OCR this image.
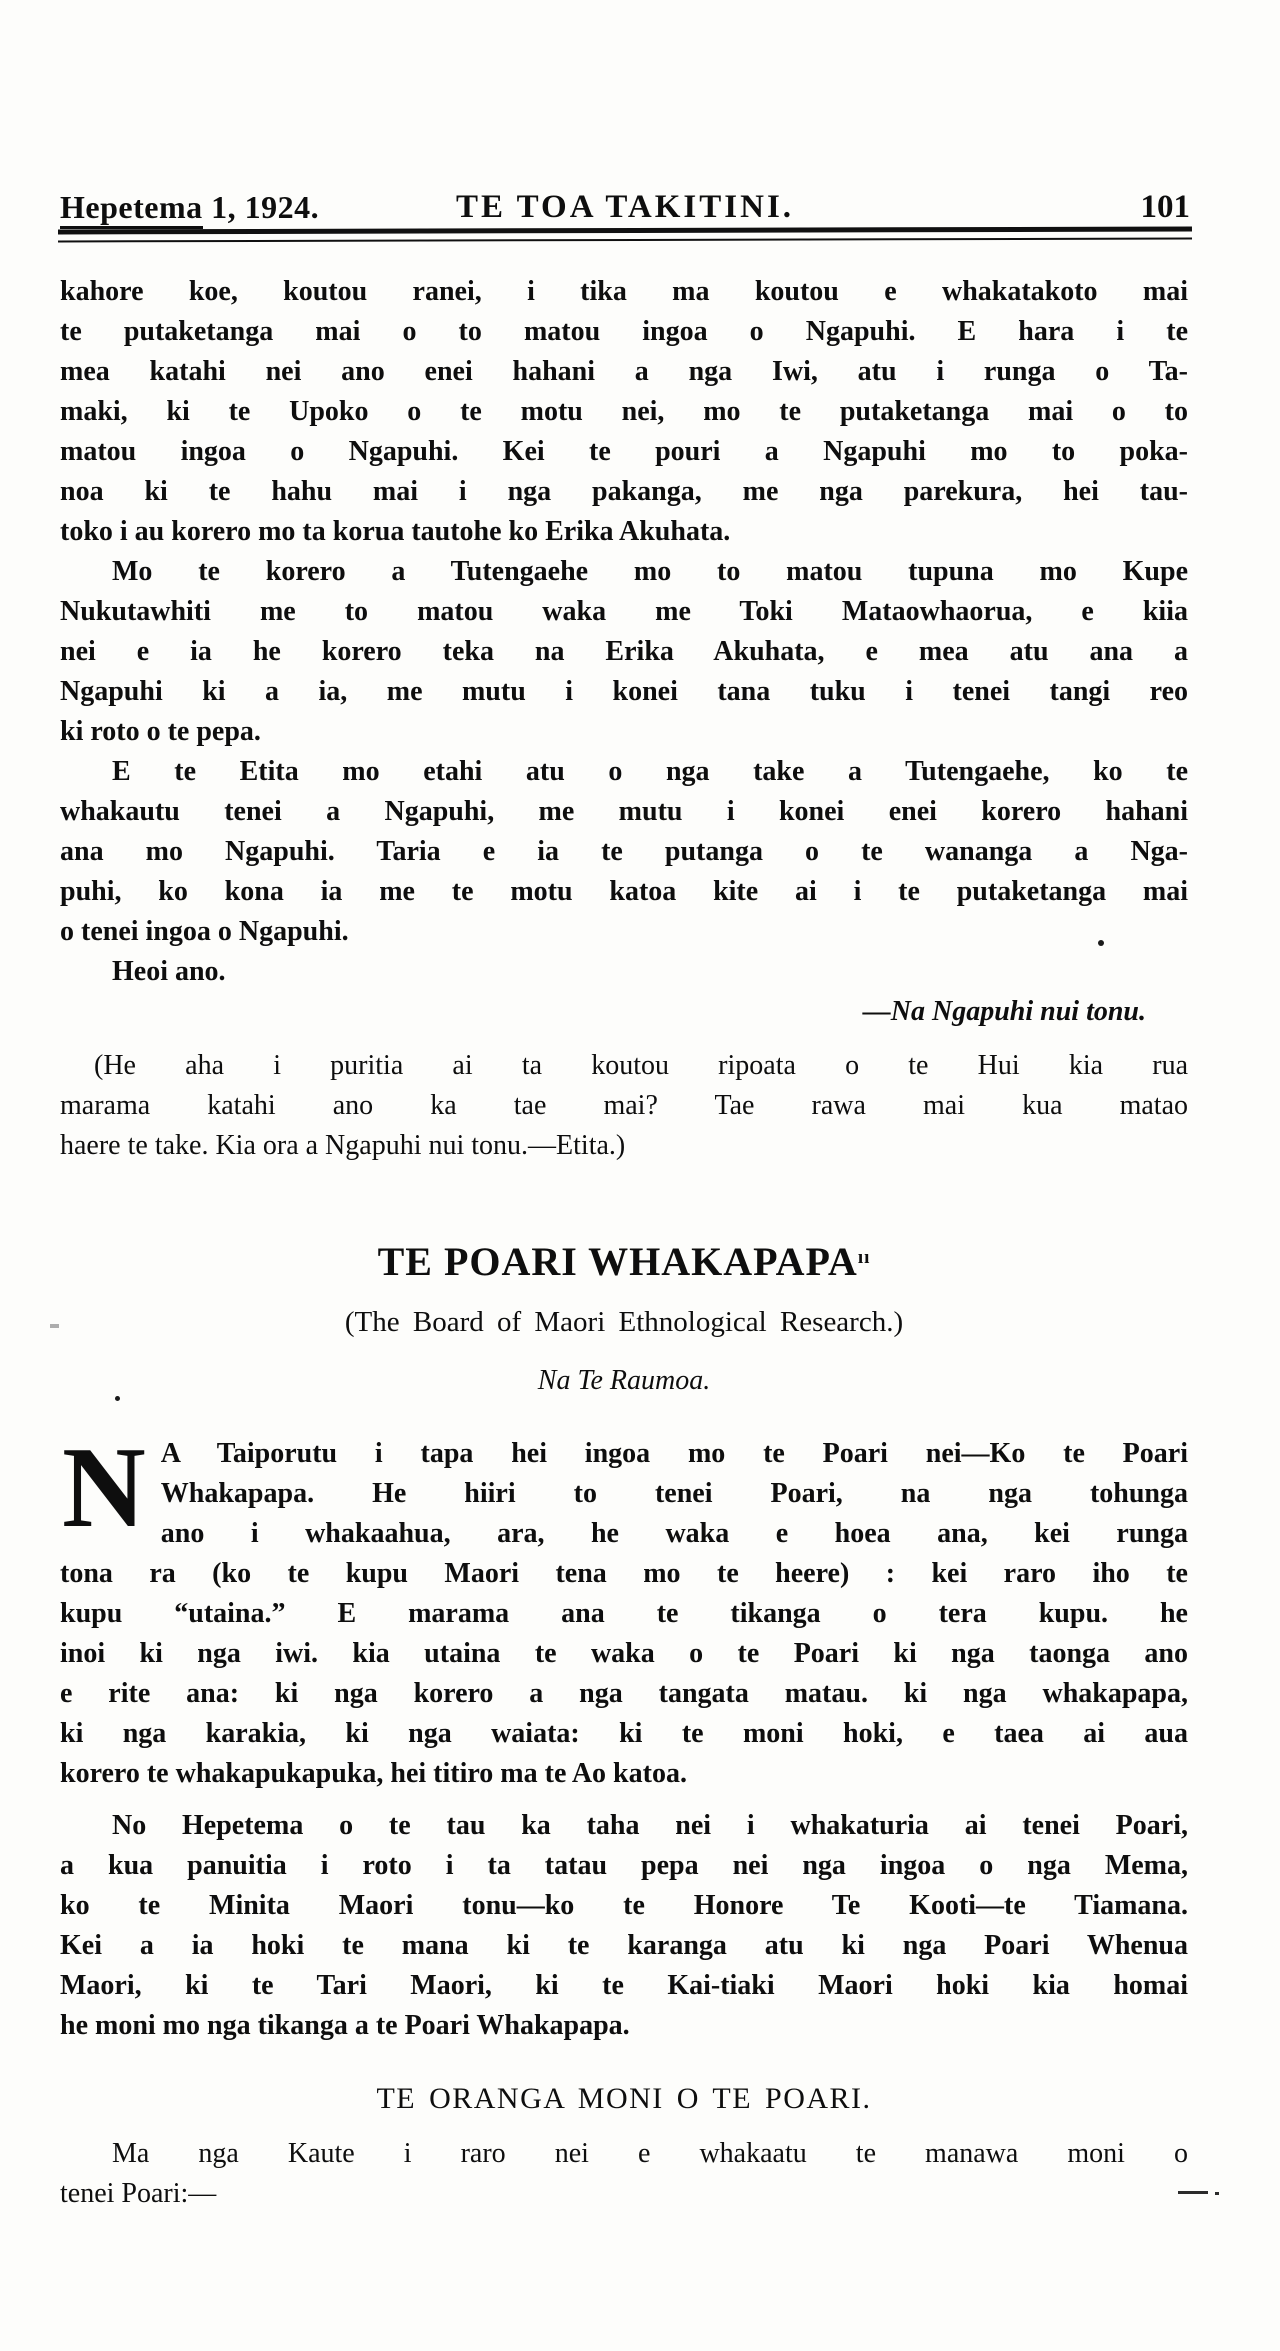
Hepetema 1, 1924.	TE TOA TAKITINI.	101
kahore koe, koutou ranei, i tika ma koutou e whakatakoto mai
te putaketanga mai o to matou ingoa o Ngapuhi. E hara i te
mea katahi nei ano enei hahani a nga Iwi, atu i runga o Ta-
maki, ki te Upoko o te motu nei, mo te putaketanga mai o to
matou ingoa o Ngapuhi. Kei te pouri a Ngapuhi mo to poka-
noa ki te hahu mai i nga pakanga, me nga parekura, hei tau-
toko i au korero mo ta korua tautohe ko Erika Akuhata.
Mo te korero a Tutengaehe mo to matou tupuna mo Kupe
Nukutawhiti me to matou waka me Toki Mataowhaorua, e kiia
nei e ia he korero teka na Erika Akuhata, e mea atu ana a
Ngapuhi ki a ia, me mutu i konei tana tuku i tenei tangi reo
ki roto o te pepa.
E te Etita mo etahi atu o nga take a Tutengaehe, ko te
whakautu tenei a Ngapuhi, me mutu i konei enei korero hahani
ana mo Ngapuhi. Taria e ia te putanga o te wananga a Nga-
puhi, ko kona ia me te motu katoa kite ai i te putaketanga mai
o tenei ingoa o Ngapuhi.
Heoi ano.
—Na Ngapuhi nui tonu.
(He aha i puritia ai ta koutou ripoata o te Hui kia rua
marama katahi ano ka tae mai? Tae rawa mai kua matao
haere te take. Kia ora a Ngapuhi nui tonu.—Etita.)
TE POARI $WHAKAPAPA^{ıı}$
(The Board of Maori Ethnological Research.)
Na Te Raumoa.
N A Taiporutu i tapa hei ingoa mo te Poari nei—Ko te Poari
Whakapapa. He hiiri to tenei Poari, na nga tohunga
ano i whakaahua, ara, he waka e hoea ana, kei runga
tona ra (ko te kupu Maori tena mo te heere) : kei raro iho te
kupu “utaina.” E marama ana te tikanga o tera kupu. he
inoi ki nga iwi. kia utaina te waka o te Poari ki nga taonga ano
e rite ana: ki nga korero a nga tangata matau. ki nga whakapapa,
ki nga karakia, ki nga waiata: ki te moni hoki, e taea ai aua
korero te whakapukapuka, hei titiro ma te Ao katoa.
No Hepetema o te tau ka taha nei i whakaturia ai tenei Poari,
a kua panuitia i roto i ta tatau pepa nei nga ingoa o nga Mema,
ko te Minita Maori tonu—ko te Honore Te Kooti—te Tiamana.
Kei a ia hoki te mana ki te karanga atu ki nga Poari Whenua
Maori, ki te Tari Maori, ki te Kai-tiaki Maori hoki kia homai
he moni mo nga tikanga a te Poari Whakapapa.
TE ORANGA MONI O TE POARI.
Ma nga Kaute i raro nei e whakaatu te manawa moni o
tenei Poari:—
